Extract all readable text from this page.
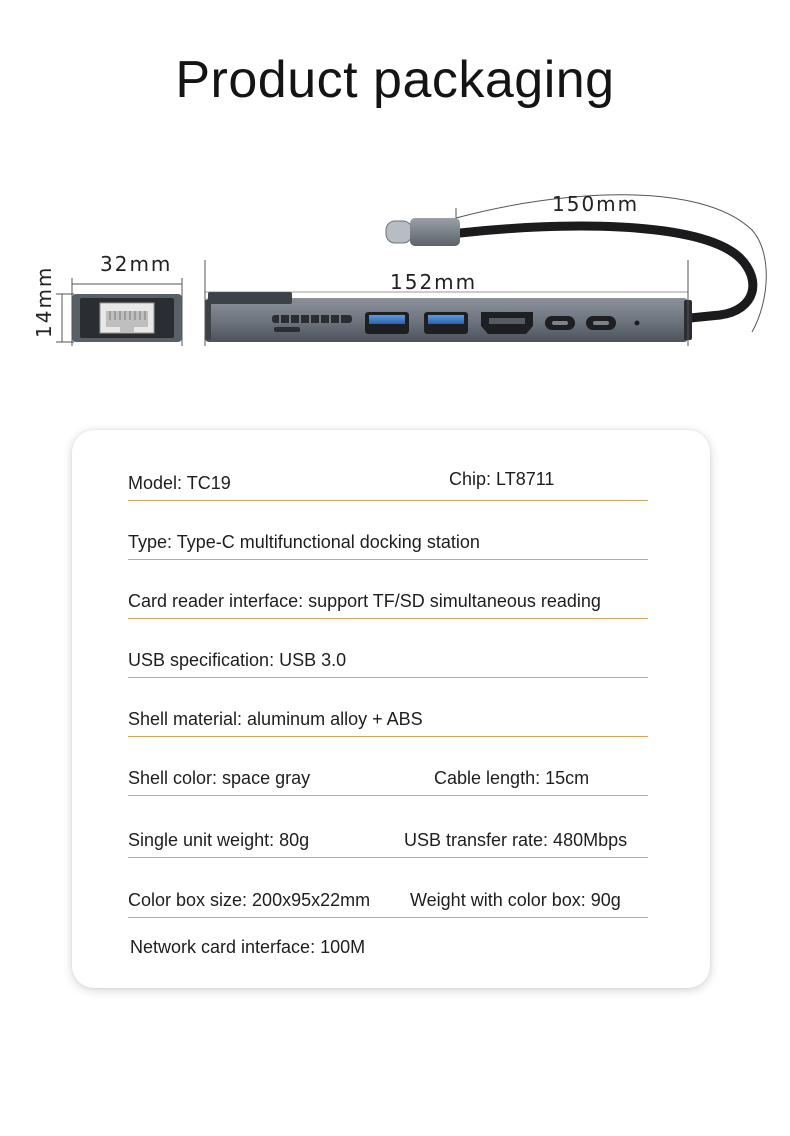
Product packaging
150mm
152mm
32mm
14mm
Model: TC19	Chip: LT8711
Type: Type-C multifunctional docking station
Card reader interface: support TF/SD simultaneous reading
USB specification: USB 3.0
Shell material: aluminum alloy + ABS
Shell color: space gray	Cable length: 15cm
Single unit weight: 80g	USB transfer rate: 480Mbps
Color box size: 200x95x22mm Weight with color box: 90g
Network card interface: 100M
